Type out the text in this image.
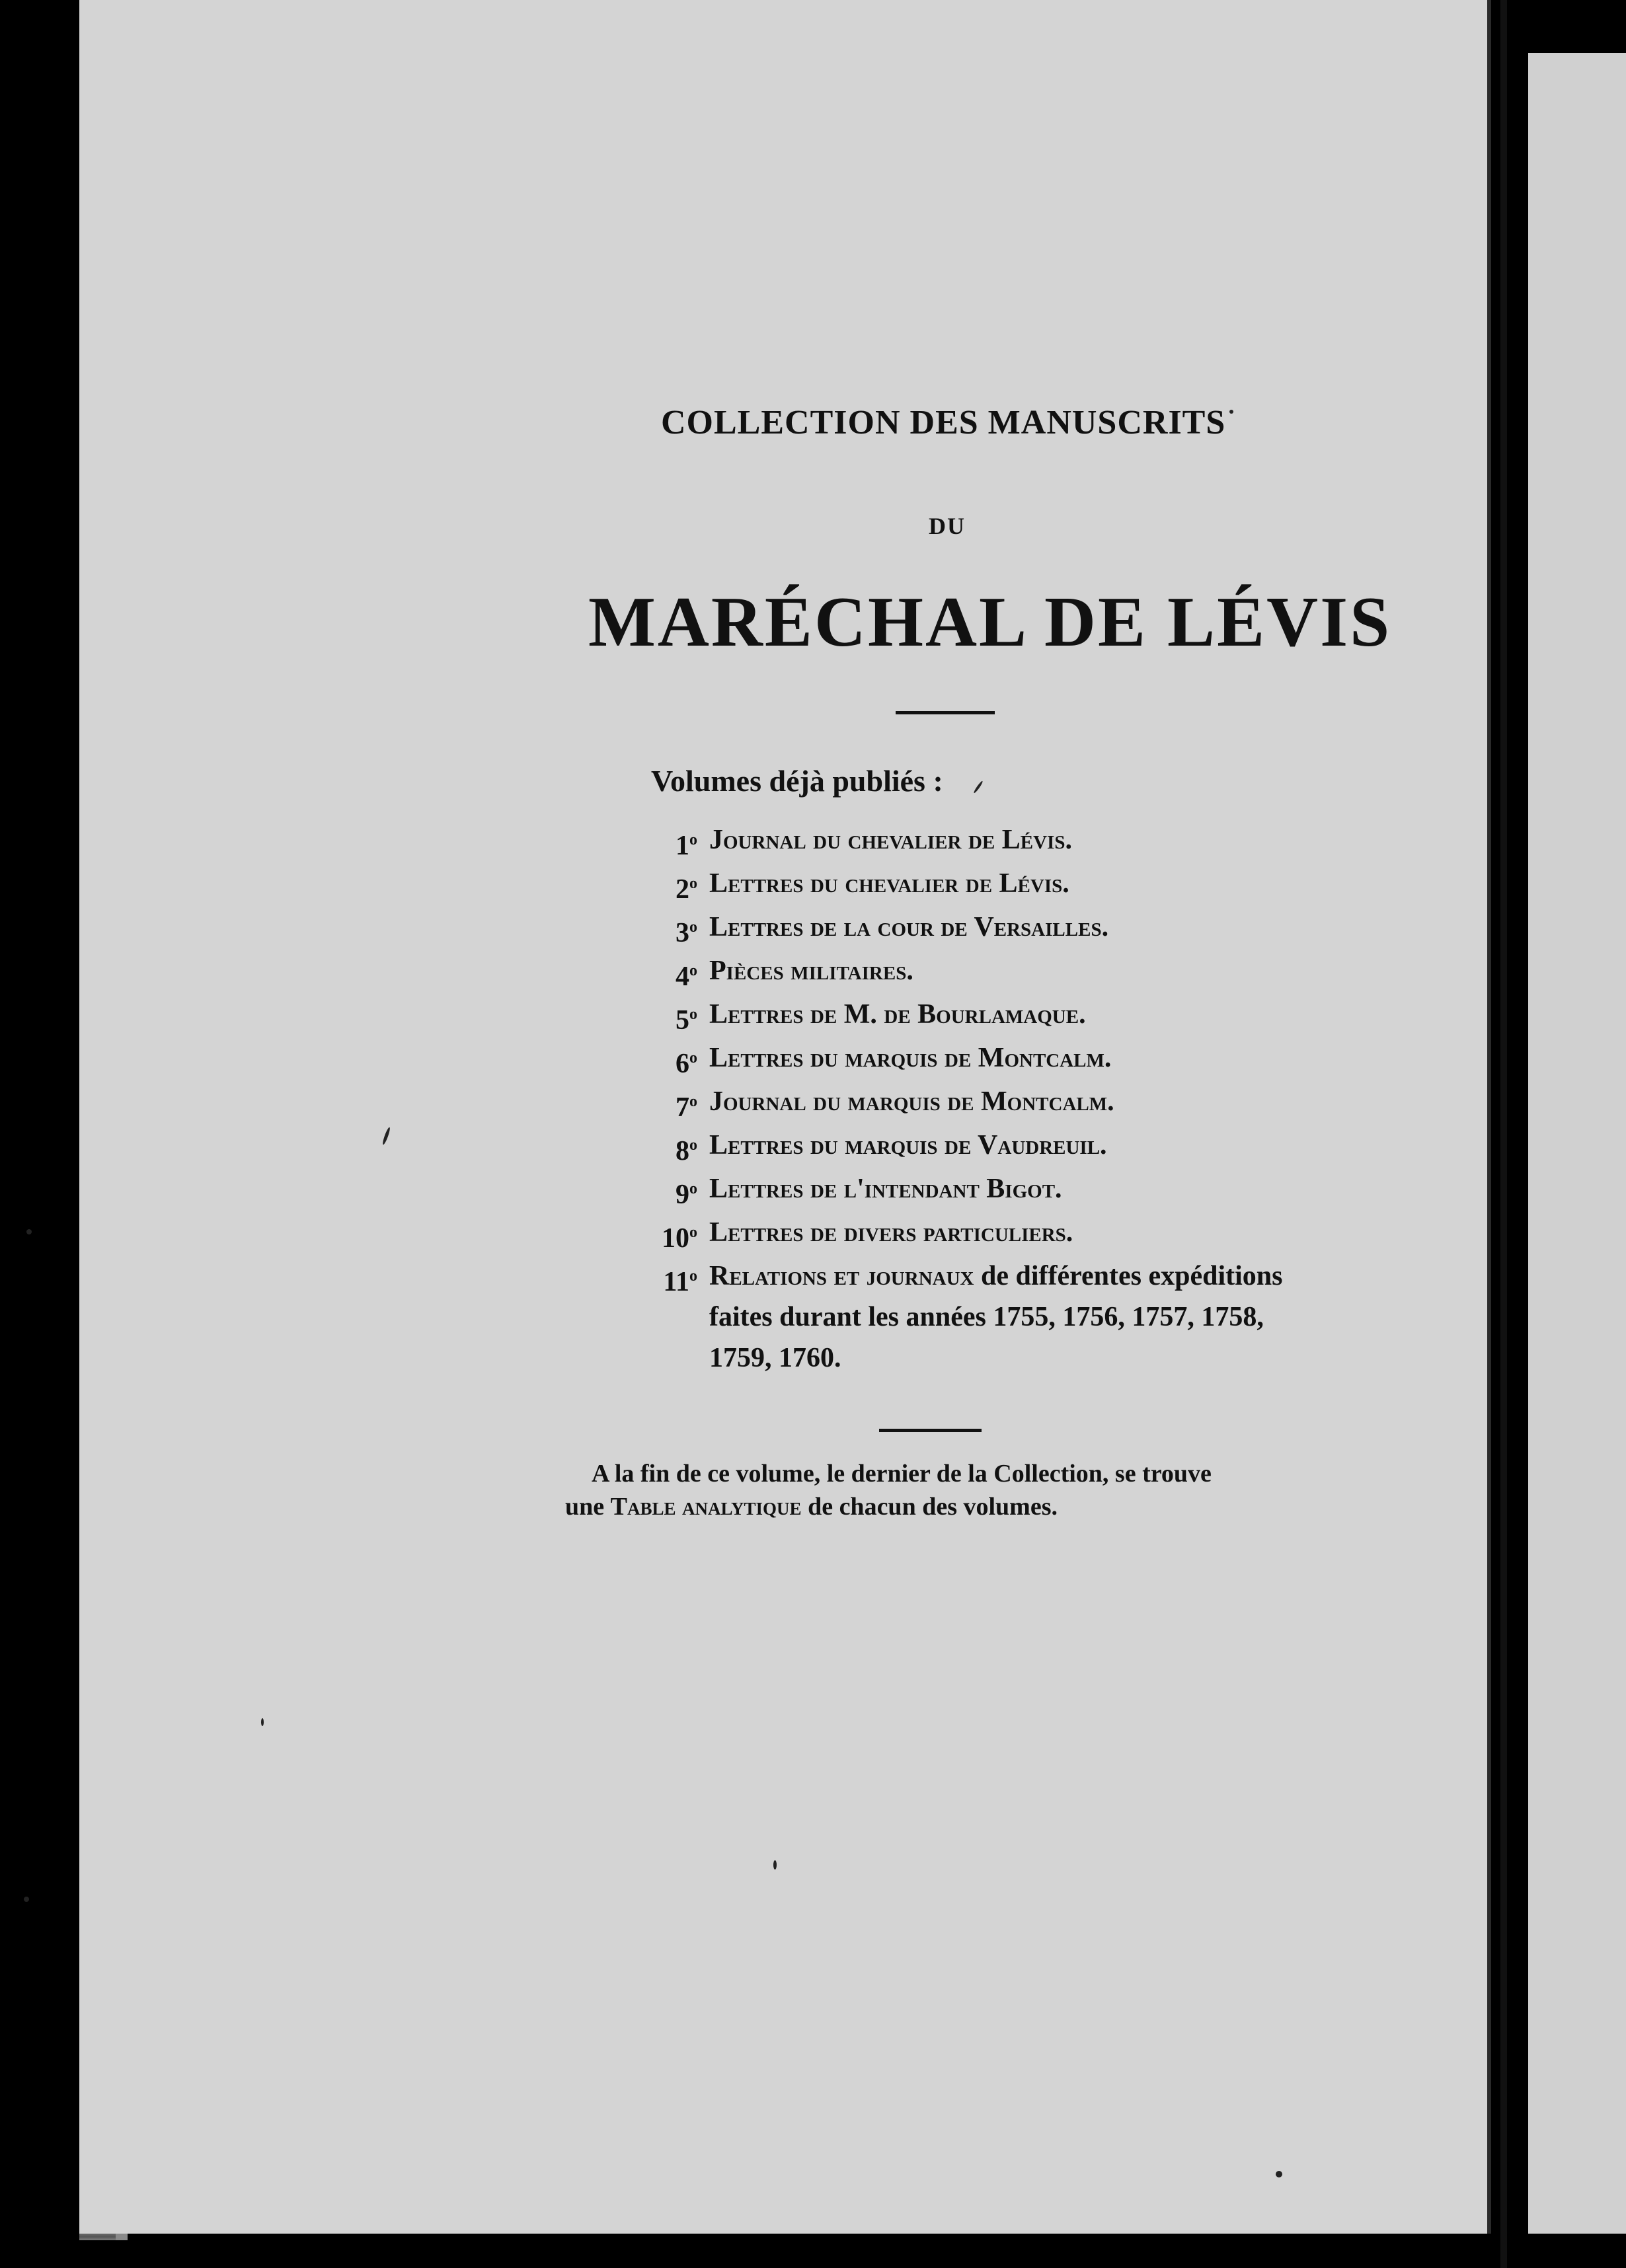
COLLECTION DES MANUSCRITS
DU
MARÉCHAL DE LÉVIS
Volumes déjà publiés :
1$^o$ Journal du chevalier de Lévis.
2$^o$ Lettres du chevalier de Lévis.
3$^o$ Lettres de la cour de Versailles.
4$^o$ Pièces militaires.
5$^o$ Lettres de M. de Bourlamaque.
6$^o$ Lettres du marquis de Montcalm.
7$^o$ Journal du marquis de Montcalm.
8$^o$ Lettres du marquis de Vaudreuil.
9$^o$ Lettres de l'intendant Bigot.
10$^o$ Lettres de divers particuliers.
11$^o$ Relations et journaux de différentes expéditions faites durant les années 1755, 1756, 1757, 1758, 1759, 1760.
A la fin de ce volume, le dernier de la Collection, se trouve
une Table analytique de chacun des volumes.
